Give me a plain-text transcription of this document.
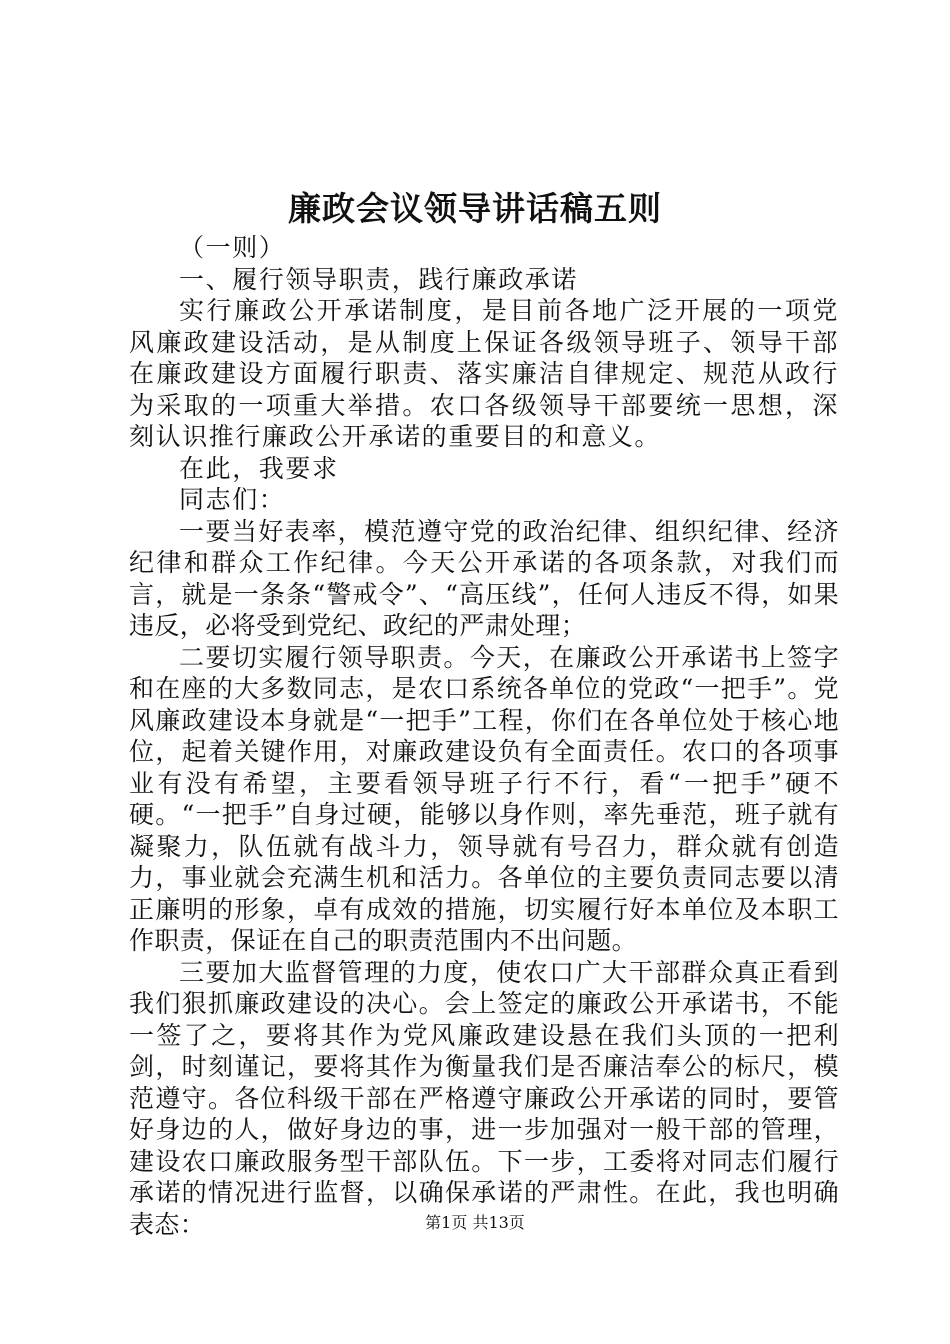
廉政会议领导讲话稿五则

（一则）

一、履行领导职责，践行廉政承诺

实行廉政公开承诺制度，是目前各地广泛开展的一项党风廉政建设活动，是从制度上保证各级领导班子、领导干部在廉政建设方面履行职责、落实廉洁自律规定、规范从政行为采取的一项重大举措。农口各级领导干部要统一思想，深刻认识推行廉政公开承诺的重要目的和意义。

在此，我要求

同志们：

一要当好表率，模范遵守党的政治纪律、组织纪律、经济纪律和群众工作纪律。今天公开承诺的各项条款，对我们而言，就是一条条“警戒令”、“高压线”，任何人违反不得，如果违反，必将受到党纪、政纪的严肃处理；

二要切实履行领导职责。今天，在廉政公开承诺书上签字和在座的大多数同志，是农口系统各单位的党政“一把手”。党风廉政建设本身就是“一把手”工程，你们在各单位处于核心地位，起着关键作用，对廉政建设负有全面责任。农口的各项事业有没有希望，主要看领导班子行不行，看“一把手”硬不硬。“一把手”自身过硬，能够以身作则，率先垂范，班子就有凝聚力，队伍就有战斗力，领导就有号召力，群众就有创造力，事业就会充满生机和活力。各单位的主要负责同志要以清正廉明的形象，卓有成效的措施，切实履行好本单位及本职工作职责，保证在自己的职责范围内不出问题。

三要加大监督管理的力度，使农口广大干部群众真正看到我们狠抓廉政建设的决心。会上签定的廉政公开承诺书，不能一签了之，要将其作为党风廉政建设悬在我们头顶的一把利剑，时刻谨记，要将其作为衡量我们是否廉洁奉公的标尺，模范遵守。各位科级干部在严格遵守廉政公开承诺的同时，要管好身边的人，做好身边的事，进一步加强对一般干部的管理，建设农口廉政服务型干部队伍。下一步，工委将对同志们履行承诺的情况进行监督，以确保承诺的严肃性。在此，我也明确表态：	第1页 共13页
